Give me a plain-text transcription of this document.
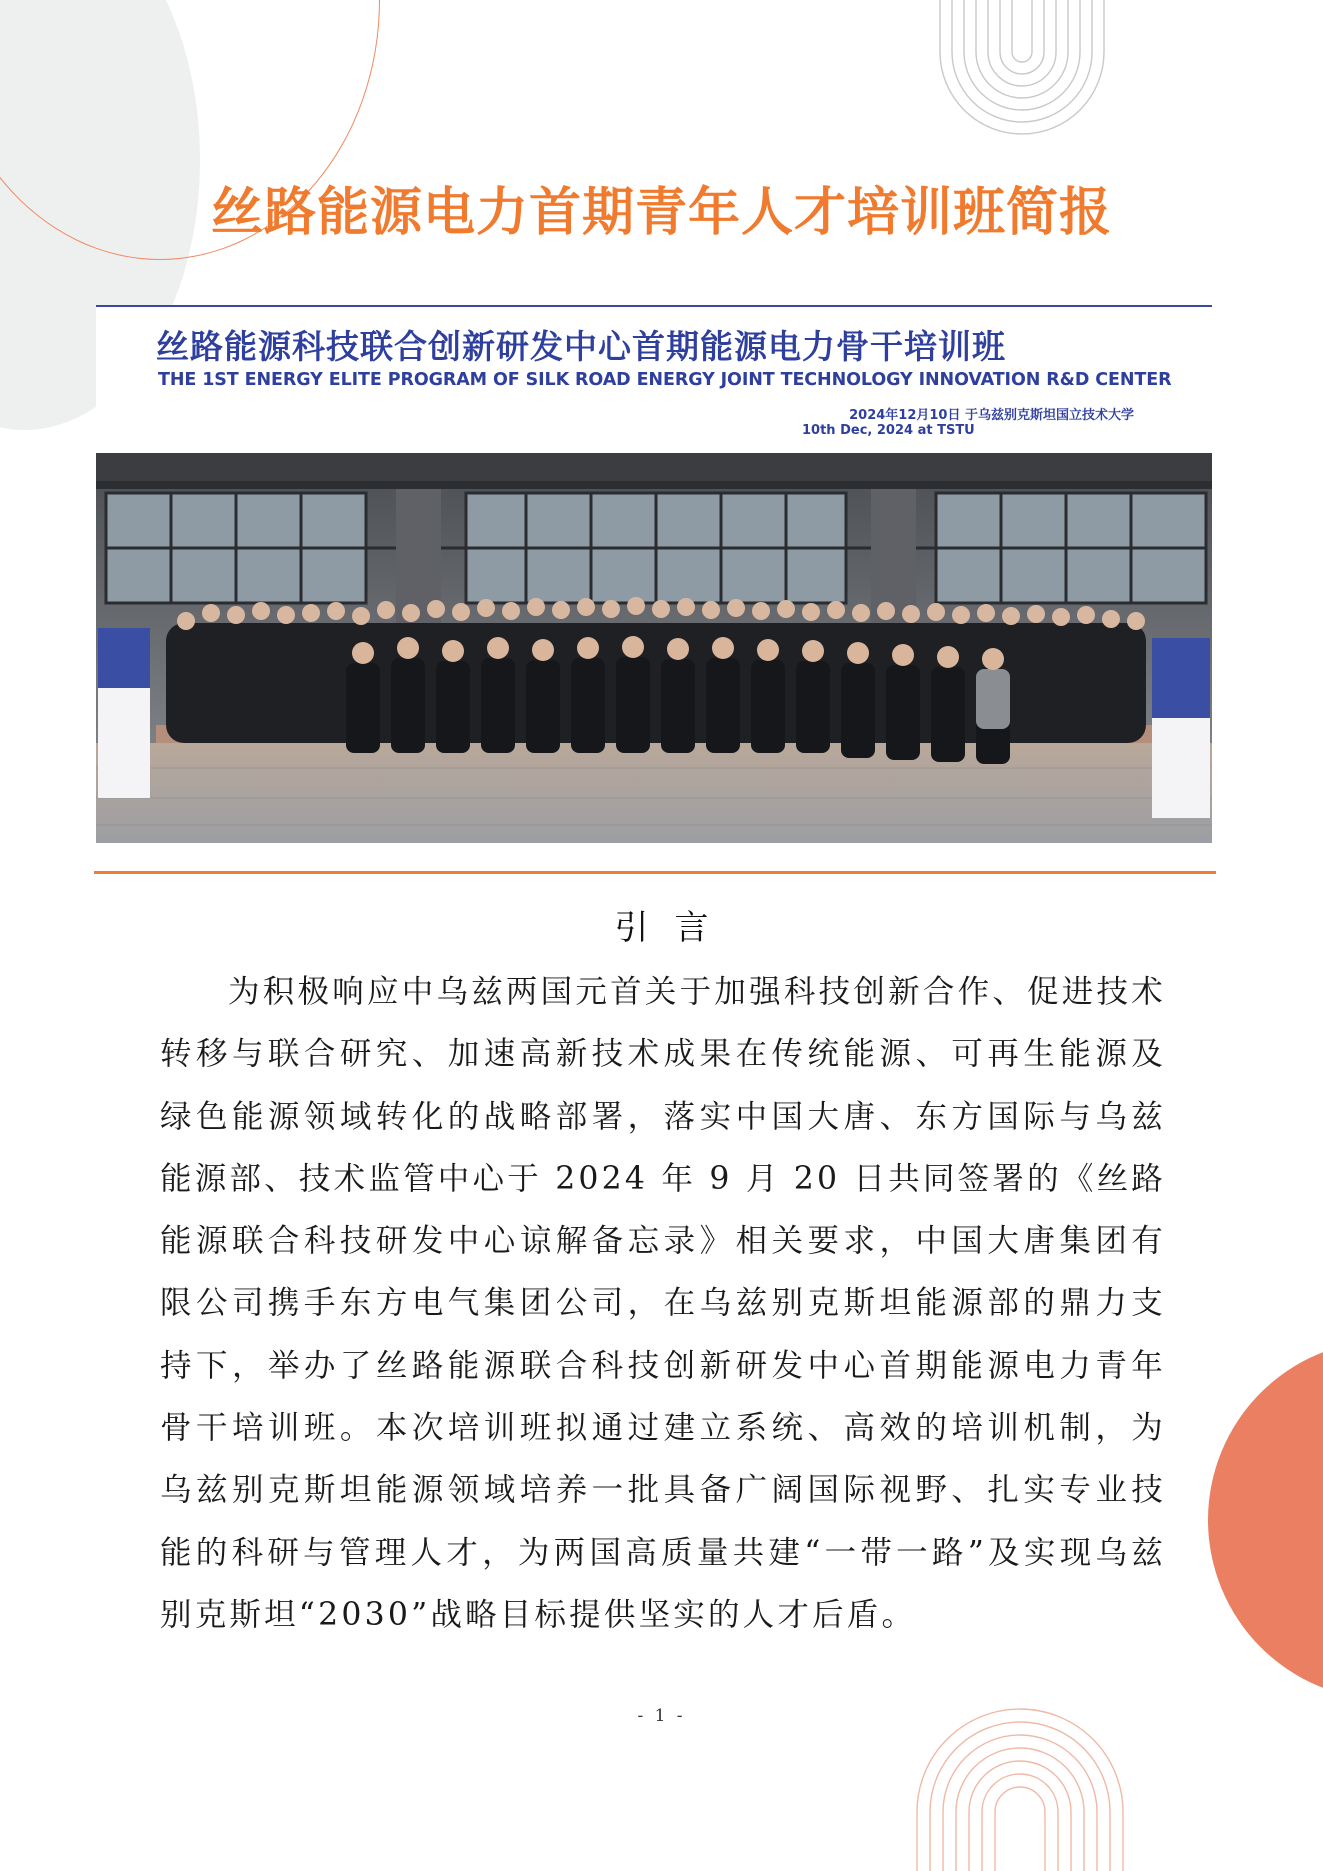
丝路能源电力首期青年人才培训班简报
丝路能源科技联合创新研发中心首期能源电力骨干培训班
THE 1ST ENERGY ELITE PROGRAM OF SILK ROAD ENERGY JOINT TECHNOLOGY INNOVATION R&D CENTER
2024年12月10日 于乌兹别克斯坦国立技术大学
10th Dec, 2024 at TSTU
引言
为积极响应中乌兹两国元首关于加强科技创新合作、促进技术转移与联合研究、加速高新技术成果在传统能源、可再生能源及绿色能源领域转化的战略部署，落实中国大唐、东方国际与乌兹能源部、技术监管中心于 2024 年 9 月 20 日共同签署的《丝路能源联合科技研发中心谅解备忘录》相关要求，中国大唐集团有限公司携手东方电气集团公司，在乌兹别克斯坦能源部的鼎力支持下，举办了丝路能源联合科技创新研发中心首期能源电力青年骨干培训班。本次培训班拟通过建立系统、高效的培训机制，为乌兹别克斯坦能源领域培养一批具备广阔国际视野、扎实专业技能的科研与管理人才，为两国高质量共建“一带一路”及实现乌兹别克斯坦“2030”战略目标提供坚实的人才后盾。
- 1 -
